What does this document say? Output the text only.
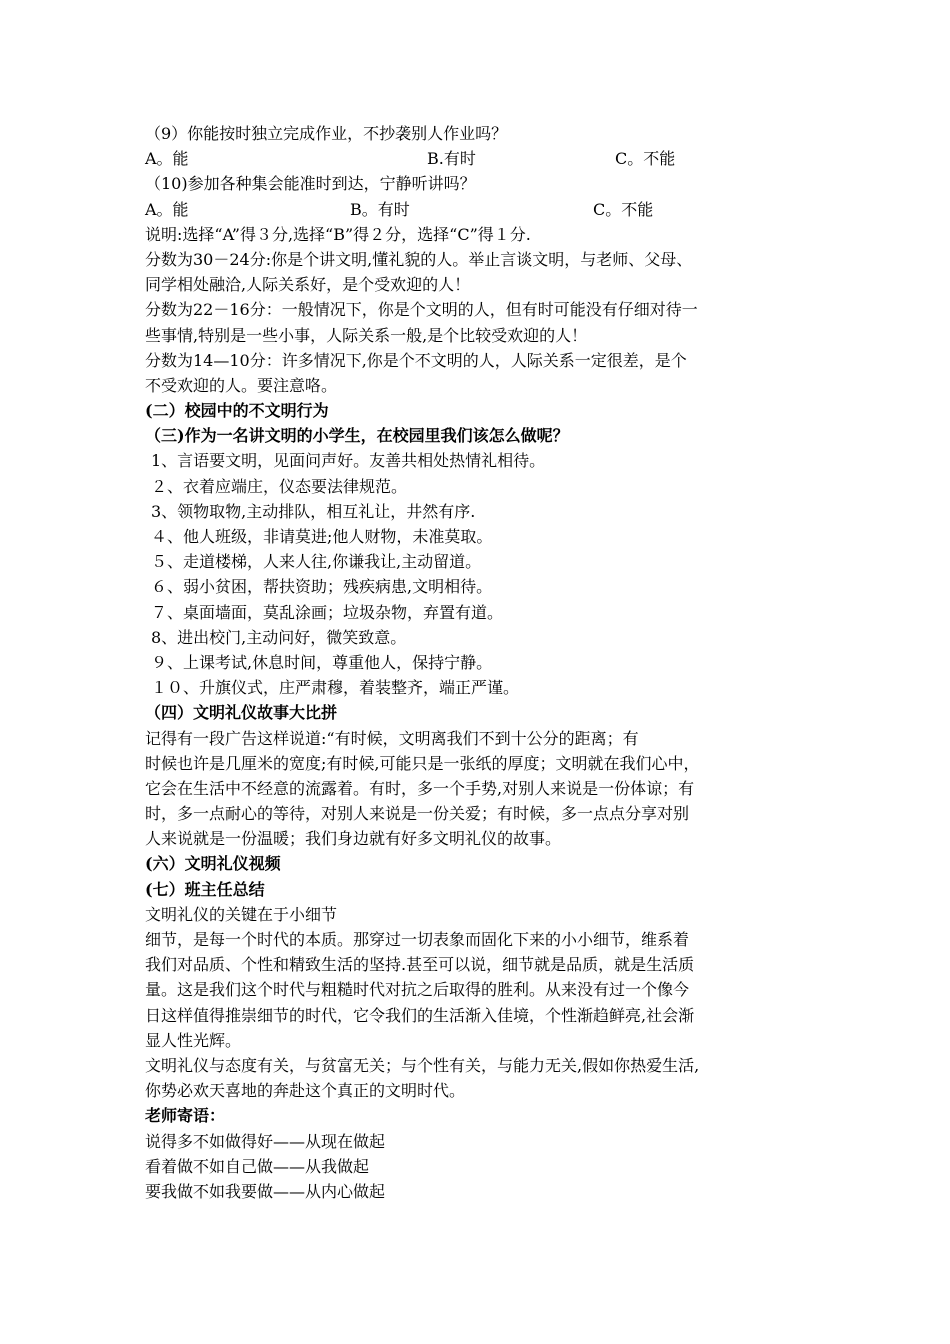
（9）你能按时独立完成作业，不抄袭别人作业吗？
A。能	B.有时	C。不能
（10)参加各种集会能准时到达，宁静听讲吗？
A。能	B。有时	C。不能
说明:选择“A”得３分,选择“B”得２分，选择“C”得１分.
分数为30－24分:你是个讲文明,懂礼貌的人。举止言谈文明，与老师、父母、
同学相处融洽,人际关系好，是个受欢迎的人！
分数为22－16分：一般情况下，你是个文明的人，但有时可能没有仔细对待一
些事情,特别是一些小事，人际关系一般,是个比较受欢迎的人！
分数为14—10分：许多情况下,你是个不文明的人，人际关系一定很差，是个
不受欢迎的人。要注意咯。
(二）校园中的不文明行为
（三)作为一名讲文明的小学生，在校园里我们该怎么做呢？
1、言语要文明，见面问声好。友善共相处热情礼相待。
２、衣着应端庄，仪态要法律规范。
3、领物取物,主动排队，相互礼让，井然有序.
４、他人班级，非请莫进;他人财物，未准莫取。
５、走道楼梯，人来人往,你谦我让,主动留道。
６、弱小贫困，帮扶资助；残疾病患,文明相待。
７、桌面墙面，莫乱涂画；垃圾杂物，弃置有道。
8、进出校门,主动问好，微笑致意。
９、上课考试,休息时间，尊重他人，保持宁静。
１０、升旗仪式，庄严肃穆，着装整齐，端正严谨。
（四）文明礼仪故事大比拼
记得有一段广告这样说道:“有时候，文明离我们不到十公分的距离；有
时候也许是几厘米的宽度;有时候,可能只是一张纸的厚度；文明就在我们心中，
它会在生活中不经意的流露着。有时，多一个手势,对别人来说是一份体谅；有
时，多一点耐心的等待，对别人来说是一份关爱；有时候，多一点点分享对别
人来说就是一份温暖；我们身边就有好多文明礼仪的故事。
(六）文明礼仪视频
(七）班主任总结
文明礼仪的关键在于小细节
细节，是每一个时代的本质。那穿过一切表象而固化下来的小小细节，维系着
我们对品质、个性和精致生活的坚持.甚至可以说，细节就是品质，就是生活质
量。这是我们这个时代与粗糙时代对抗之后取得的胜利。从来没有过一个像今
日这样值得推崇细节的时代，它令我们的生活渐入佳境，个性渐趋鲜亮,社会渐
显人性光辉。
文明礼仪与态度有关，与贫富无关；与个性有关，与能力无关,假如你热爱生活,
你势必欢天喜地的奔赴这个真正的文明时代。
老师寄语：
说得多不如做得好——从现在做起
看着做不如自己做——从我做起
要我做不如我要做——从内心做起
